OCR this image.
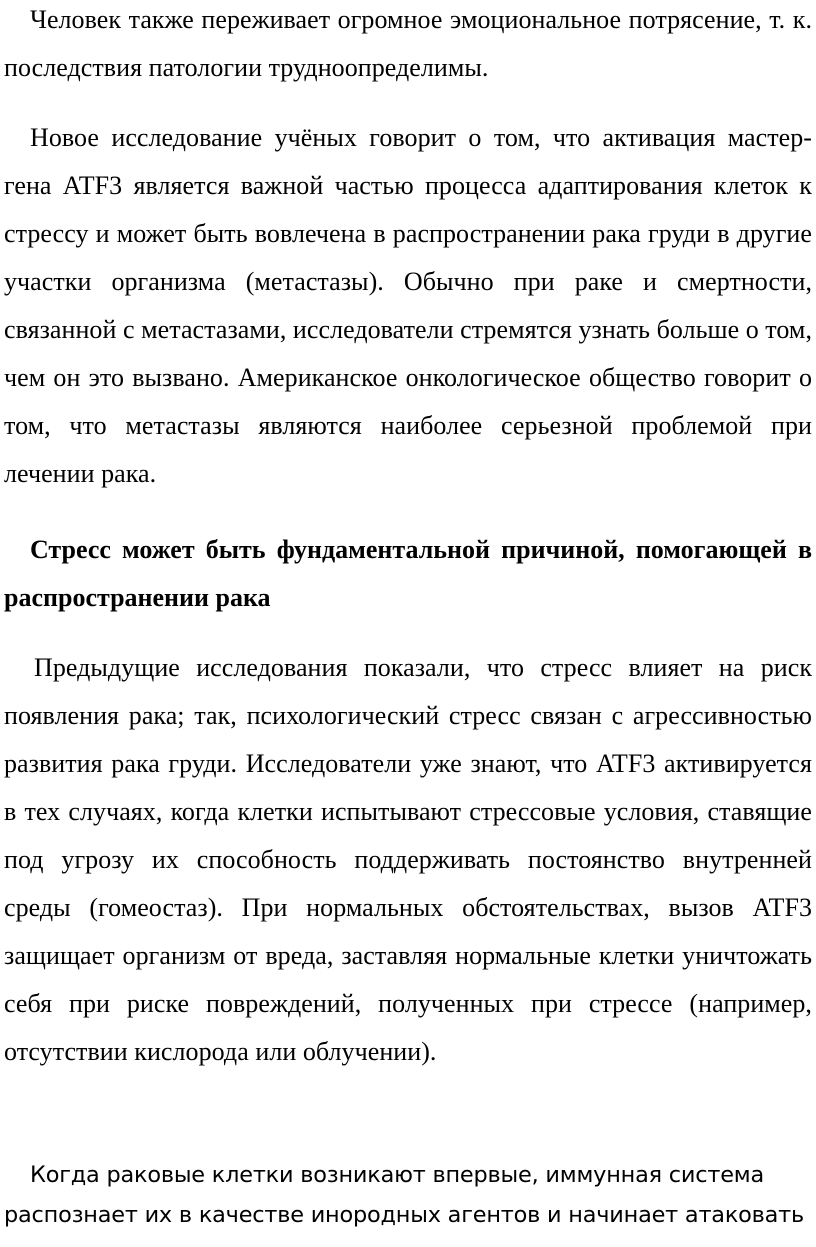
Человек также переживает огромное эмоциональное потрясение, т. к. последствия патологии трудноопределимы.

Новое исследование учёных говорит о том, что активация мастер-гена ATF3 является важной частью процесса адаптирования клеток к стрессу и может быть вовлечена в распространении рака груди в другие участки организма (метастазы). Обычно при раке и смертности, связанной с метастазами, исследователи стремятся узнать больше о том, чем он это вызвано. Американское онкологическое общество говорит о том, что метастазы являются наиболее серьезной проблемой при лечении рака.

Стресс может быть фундаментальной причиной, помогающей в распространении рака

Предыдущие исследования показали, что стресс влияет на риск появления рака; так, психологический стресс связан с агрессивностью развития рака груди. Исследователи уже знают, что ATF3 активируется в тех случаях, когда клетки испытывают стрессовые условия, ставящие под угрозу их способность поддерживать постоянство внутренней среды (гомеостаз). При нормальных обстоятельствах, вызов ATF3 защищает организм от вреда, заставляя нормальные клетки уничтожать себя при риске повреждений, полученных при стрессе (например, отсутствии кислорода или облучении).

Когда раковые клетки возникают впервые, иммунная система распознает их в качестве инородных агентов и начинает атаковать
